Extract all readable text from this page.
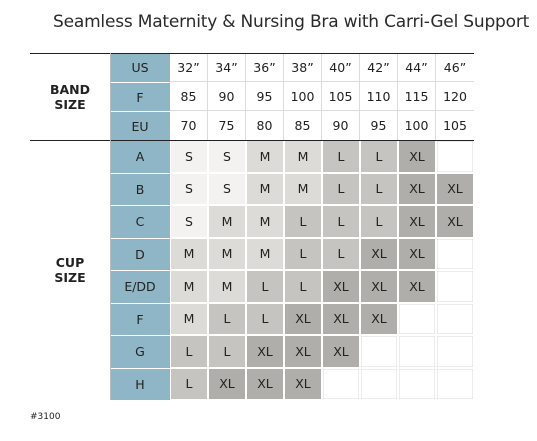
Seamless Maternity & Nursing Bra with Carri-Gel Support
US	32”	34”	36”	38”	40”	42”	44”	46”
F	85	90	95	100	105	110	115	120
EU	70	75	80	85	90	95	100	105
A	S	S	M	M	L	L	XL
B	S	S	M	M	L	L	XL	XL
C	S	M	M	L	L	L	XL	XL
D	M	M	M	L	L	XL	XL
E/DD	M	M	L	L	XL	XL	XL
F	M	L	L	XL	XL	XL
G	L	L	XL	XL	XL
H	L	XL	XL	XL
BAND
SIZE
CUP
SIZE
#3100
